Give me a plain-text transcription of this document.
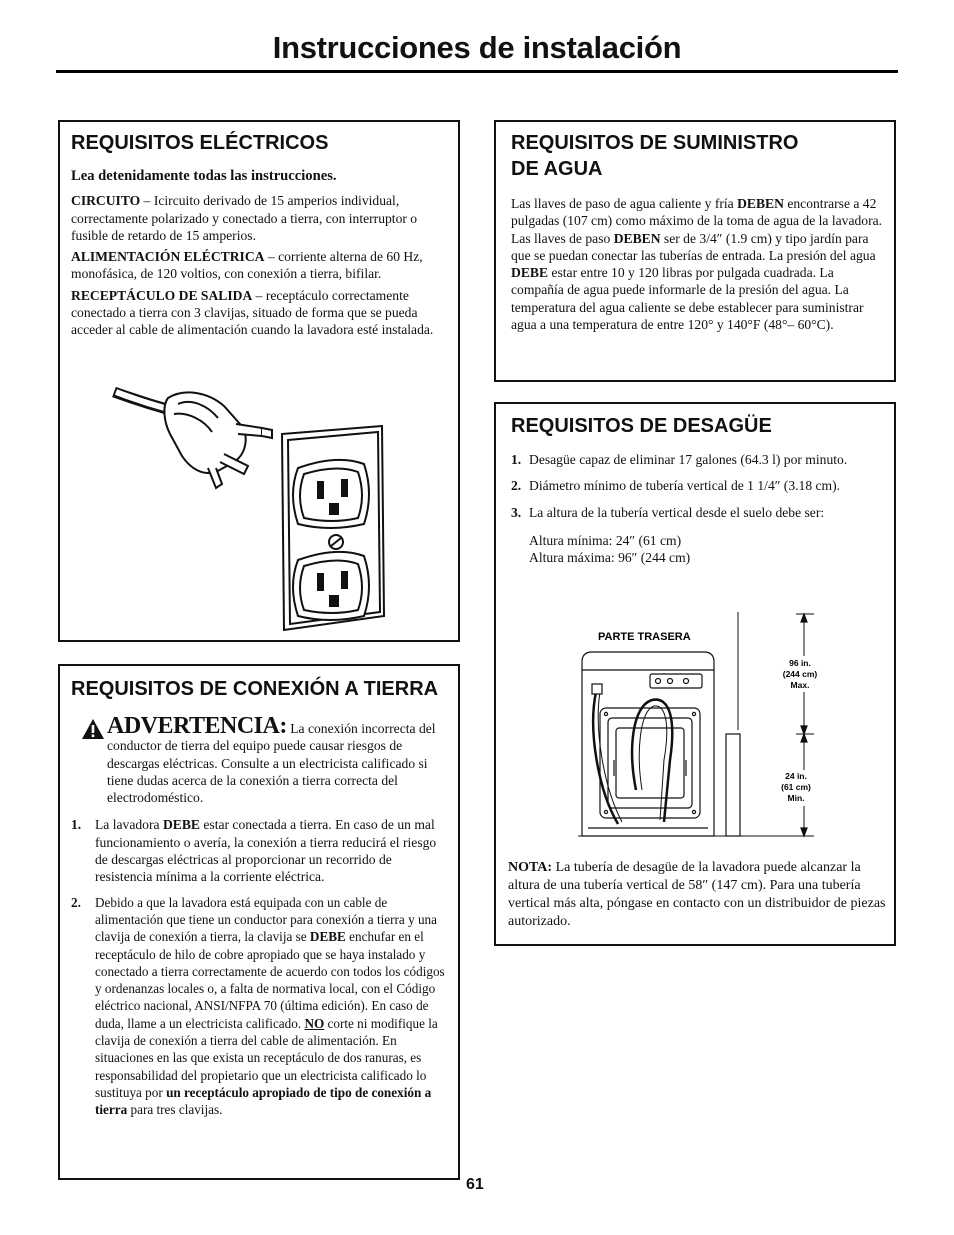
Instrucciones de instalación
REQUISITOS ELÉCTRICOS

Lea detenidamente todas las instrucciones.

CIRCUITO – Icircuito derivado de 15 amperios individual, correctamente polarizado y conectado a tierra, con interruptor o fusible de retardo de 15 amperios.

ALIMENTACIÓN ELÉCTRICA – corriente alterna de 60 Hz, monofásica, de 120 voltios, con conexión a tierra, bifilar.

RECEPTÁCULO DE SALIDA – receptáculo correctamente conectado a tierra con 3 clavijas, situado de forma que se pueda acceder al cable de alimentación cuando la lavadora esté instalada.

REQUISITOS DE CONEXIÓN A TIERRA

ADVERTENCIA: La conexión incorrecta del conductor de tierra del equipo puede causar riesgos de descargas eléctricas. Consulte a un electricista calificado si tiene dudas acerca de la conexión a tierra correcta del electrodoméstico.

1. La lavadora DEBE estar conectada a tierra. En caso de un mal funcionamiento o avería, la conexión a tierra reducirá el riesgo de descargas eléctricas al proporcionar un recorrido de resistencia mínima a la corriente eléctrica.
2. Debido a que la lavadora está equipada con un cable de alimentación que tiene un conductor para conexión a tierra y una clavija de conexión a tierra, la clavija se DEBE enchufar en el receptáculo de hilo de cobre apropiado que se haya instalado y conectado a tierra correctamente de acuerdo con todos los códigos y ordenanzas locales o, a falta de normativa local, con el Código eléctrico nacional, ANSI/NFPA 70 (última edición). En caso de duda, llame a un electricista calificado. NO corte ni modifique la clavija de conexión a tierra del cable de alimentación. En situaciones en las que exista un receptáculo de dos ranuras, es responsabilidad del propietario que un electricista calificado lo sustituya por un receptáculo apropiado de tipo de conexión a tierra para tres clavijas.
REQUISITOS DE SUMINISTRO
DE AGUA

Las llaves de paso de agua caliente y fría DEBEN encontrarse a 42 pulgadas (107 cm) como máximo de la toma de agua de la lavadora. Las llaves de paso DEBEN ser de 3/4″ (1.9 cm) y tipo jardín para que se puedan conectar las tuberías de entrada. La presión del agua DEBE estar entre 10 y 120 libras por pulgada cuadrada. La compañía de agua puede informarle de la presión del agua. La temperatura del agua caliente se debe establecer para suministrar agua a una temperatura de entre 120° y 140°F (48°– 60°C).

REQUISITOS DE DESAGÜE
1. Desagüe capaz de eliminar 17 galones (64.3 l) por minuto.
2. Diámetro mínimo de tubería vertical de 1 1/4″ (3.18 cm).
3. La altura de la tubería vertical desde el suelo debe ser:

Altura mínima: 24″ (61 cm)

Altura máxima: 96″ (244 cm)

PARTE TRASERA
96 in.
(244 cm)
Max.
24 in.
(61 cm)
Min.

NOTA: La tubería de desagüe de la lavadora puede alcanzar la altura de una tubería vertical de 58″ (147 cm). Para una tubería vertical más alta, póngase en contacto con un distribuidor de piezas autorizado.

61
